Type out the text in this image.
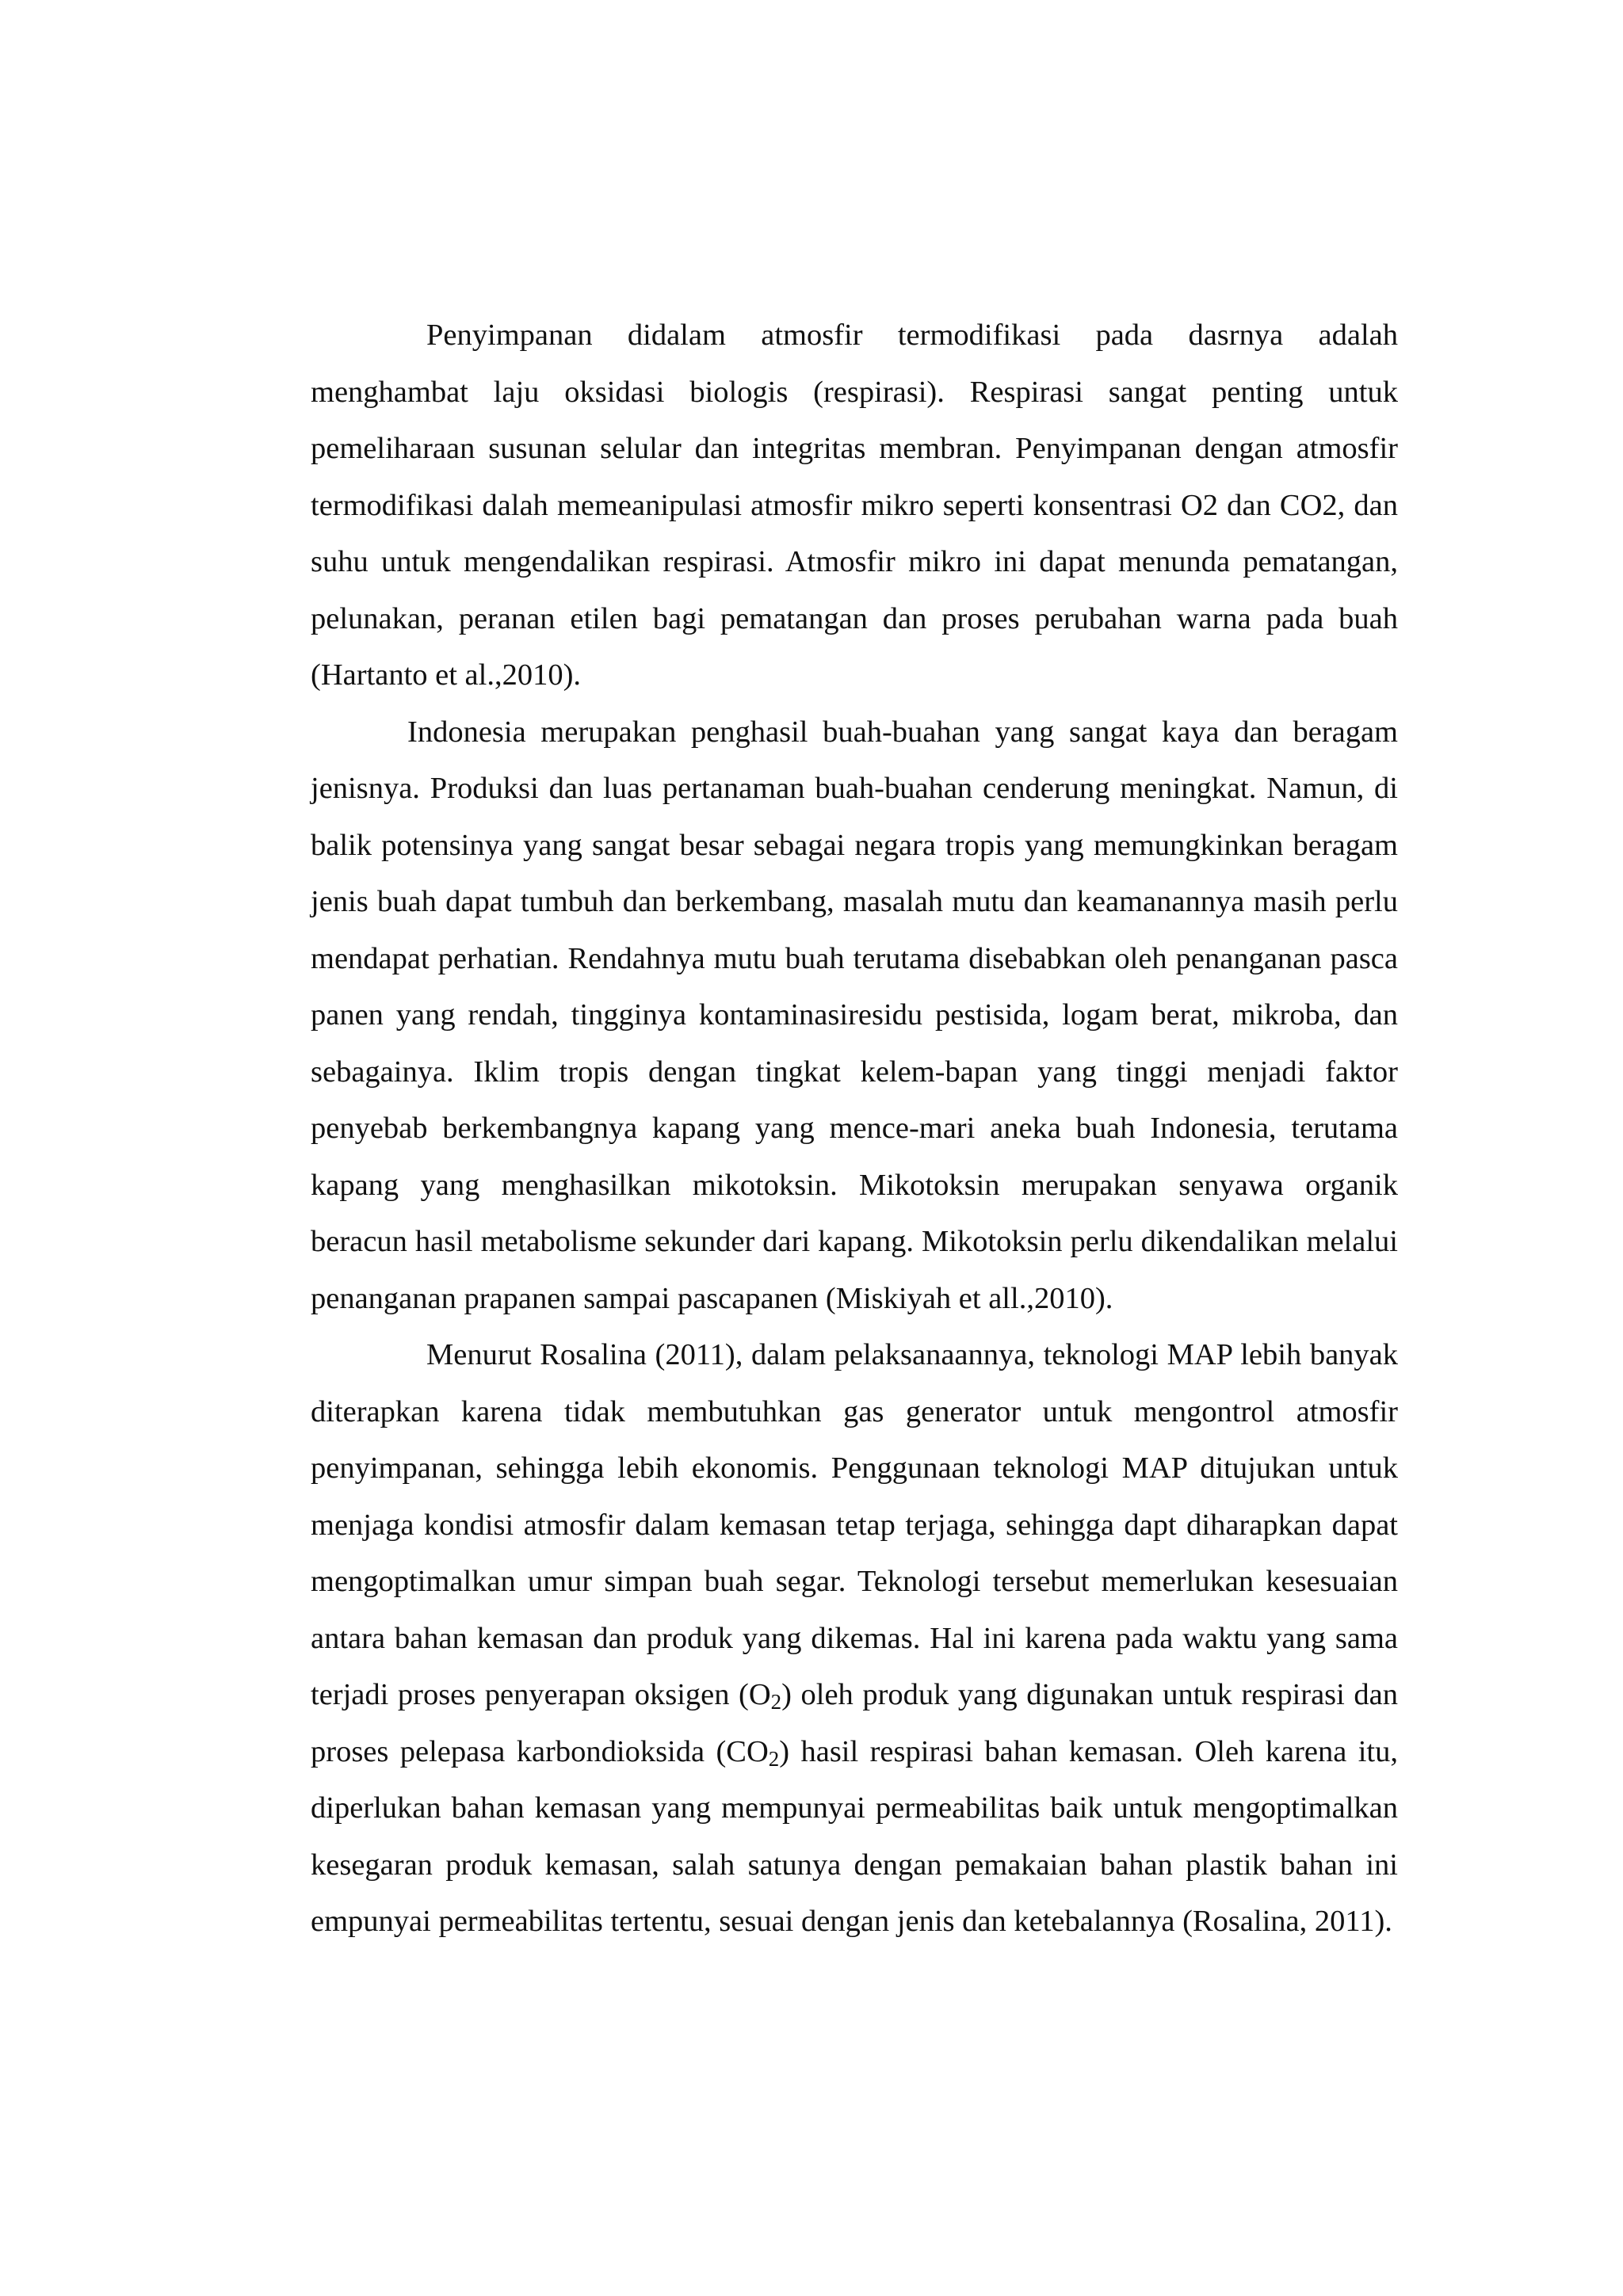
Penyimpanan didalam atmosfir termodifikasi pada dasrnya adalah menghambat laju oksidasi biologis (respirasi). Respirasi sangat penting untuk pemeliharaan susunan selular dan integritas membran. Penyimpanan dengan atmosfir termodifikasi dalah memeanipulasi atmosfir mikro seperti konsentrasi O2 dan CO2, dan suhu untuk mengendalikan respirasi. Atmosfir mikro ini dapat menunda pematangan, pelunakan, peranan etilen bagi pematangan dan proses perubahan warna pada buah (Hartanto et al.,2010).

Indonesia merupakan penghasil buah-buahan yang sangat kaya dan beragam jenisnya. Produksi dan luas pertanaman buah-buahan cenderung meningkat. Namun, di balik potensinya yang sangat besar sebagai negara tropis yang memungkinkan beragam jenis buah dapat tumbuh dan berkembang, masalah mutu dan keamanannya masih perlu mendapat perhatian. Rendahnya mutu buah terutama disebabkan oleh penanganan pasca panen yang rendah, tingginya kontaminasiresidu pestisida, logam berat, mikroba, dan sebagainya. Iklim tropis dengan tingkat kelem-bapan yang tinggi menjadi faktor penyebab berkembangnya kapang yang mence-mari aneka buah Indonesia, terutama kapang yang menghasilkan mikotoksin. Mikotoksin merupakan senyawa organik beracun hasil metabolisme sekunder dari kapang. Mikotoksin perlu dikendalikan melalui penanganan prapanen sampai pascapanen (Miskiyah et all.,2010).

Menurut Rosalina (2011), dalam pelaksanaannya, teknologi MAP lebih banyak diterapkan karena tidak membutuhkan gas generator untuk mengontrol atmosfir penyimpanan, sehingga lebih ekonomis. Penggunaan teknologi MAP ditujukan untuk menjaga kondisi atmosfir dalam kemasan tetap terjaga, sehingga dapt diharapkan dapat mengoptimalkan umur simpan buah segar. Teknologi tersebut memerlukan kesesuaian antara bahan kemasan dan produk yang dikemas. Hal ini karena pada waktu yang sama terjadi proses penyerapan oksigen $(O_2)$ oleh produk yang digunakan untuk respirasi dan proses pelepasa karbondioksida $(CO_2)$ hasil respirasi bahan kemasan. Oleh karena itu, diperlukan bahan kemasan yang mempunyai permeabilitas baik untuk mengoptimalkan kesegaran produk kemasan, salah satunya dengan pemakaian bahan plastik bahan ini empunyai permeabilitas tertentu, sesuai dengan jenis dan ketebalannya (Rosalina, 2011).
